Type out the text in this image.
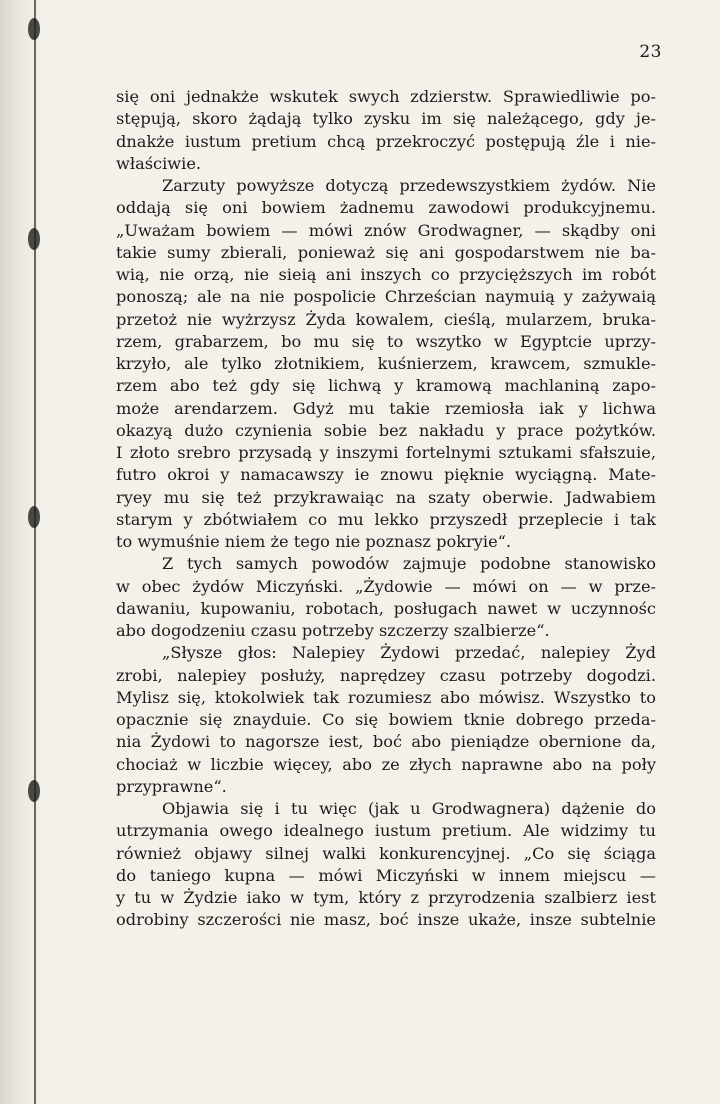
23
się oni jednakże wskutek swych zdzierstw. Sprawiedliwie po-
stępują, skoro żądają tylko zysku im się należącego, gdy je-
dnakże iustum pretium chcą przekroczyć postępują źle i nie-
właściwie.
Zarzuty powyższe dotyczą przedewszystkiem żydów. Nie
oddają się oni bowiem żadnemu zawodowi produkcyjnemu.
„Uważam bowiem — mówi znów Grodwagner, — skądby oni
takie sumy zbierali, ponieważ się ani gospodarstwem nie ba-
wią, nie orzą, nie sieią ani inszych co przycięższych im robót
ponoszą; ale na nie pospolicie Chrześcian naymuią y zażywaią
przetoż nie wyżrzysz Żyda kowalem, cieślą, mularzem, bruka-
rzem, grabarzem, bo mu się to wszytko w Egyptcie uprzy-
krzyło, ale tylko złotnikiem, kuśnierzem, krawcem, szmukle-
rzem abo też gdy się lichwą y kramową machlaniną zapo-
może arendarzem. Gdyż mu takie rzemiosła iak y lichwa
okazyą dużo czynienia sobie bez nakładu y prace pożytków.
I złoto srebro przysadą y inszymi fortelnymi sztukami sfałszuie,
futro okroi y namacawszy ie znowu pięknie wyciągną. Mate-
ryey mu się też przykrawaiąc na szaty oberwie. Jadwabiem
starym y zbótwiałem co mu lekko przyszedł przeplecie i tak
to wymuśnie niem że tego nie poznasz pokryie“.
Z tych samych powodów zajmuje podobne stanowisko
w obec żydów Miczyński. „Żydowie — mówi on — w prze-
dawaniu, kupowaniu, robotach, posługach nawet w uczynnośc
abo dogodzeniu czasu potrzeby szczerzy szalbierze“.
„Słysze głos: Nalepiey Żydowi przedać, nalepiey Żyd
zrobi, nalepiey posłuży, naprędzey czasu potrzeby dogodzi.
Mylisz się, ktokolwiek tak rozumiesz abo mówisz. Wszystko to
opacznie się znayduie. Co się bowiem tknie dobrego przeda-
nia Żydowi to nagorsze iest, boć abo pieniądze obernione da,
chociaż w liczbie więcey, abo ze złych naprawne abo na poły
przyprawne“.
Objawia się i tu więc (jak u Grodwagnera) dążenie do
utrzymania owego idealnego iustum pretium. Ale widzimy tu
również objawy silnej walki konkurencyjnej. „Co się ściąga
do taniego kupna — mówi Miczyński w innem miejscu —
y tu w Żydzie iako w tym, który z przyrodzenia szalbierz iest
odrobiny szczerości nie masz, boć insze ukaże, insze subtelnie
